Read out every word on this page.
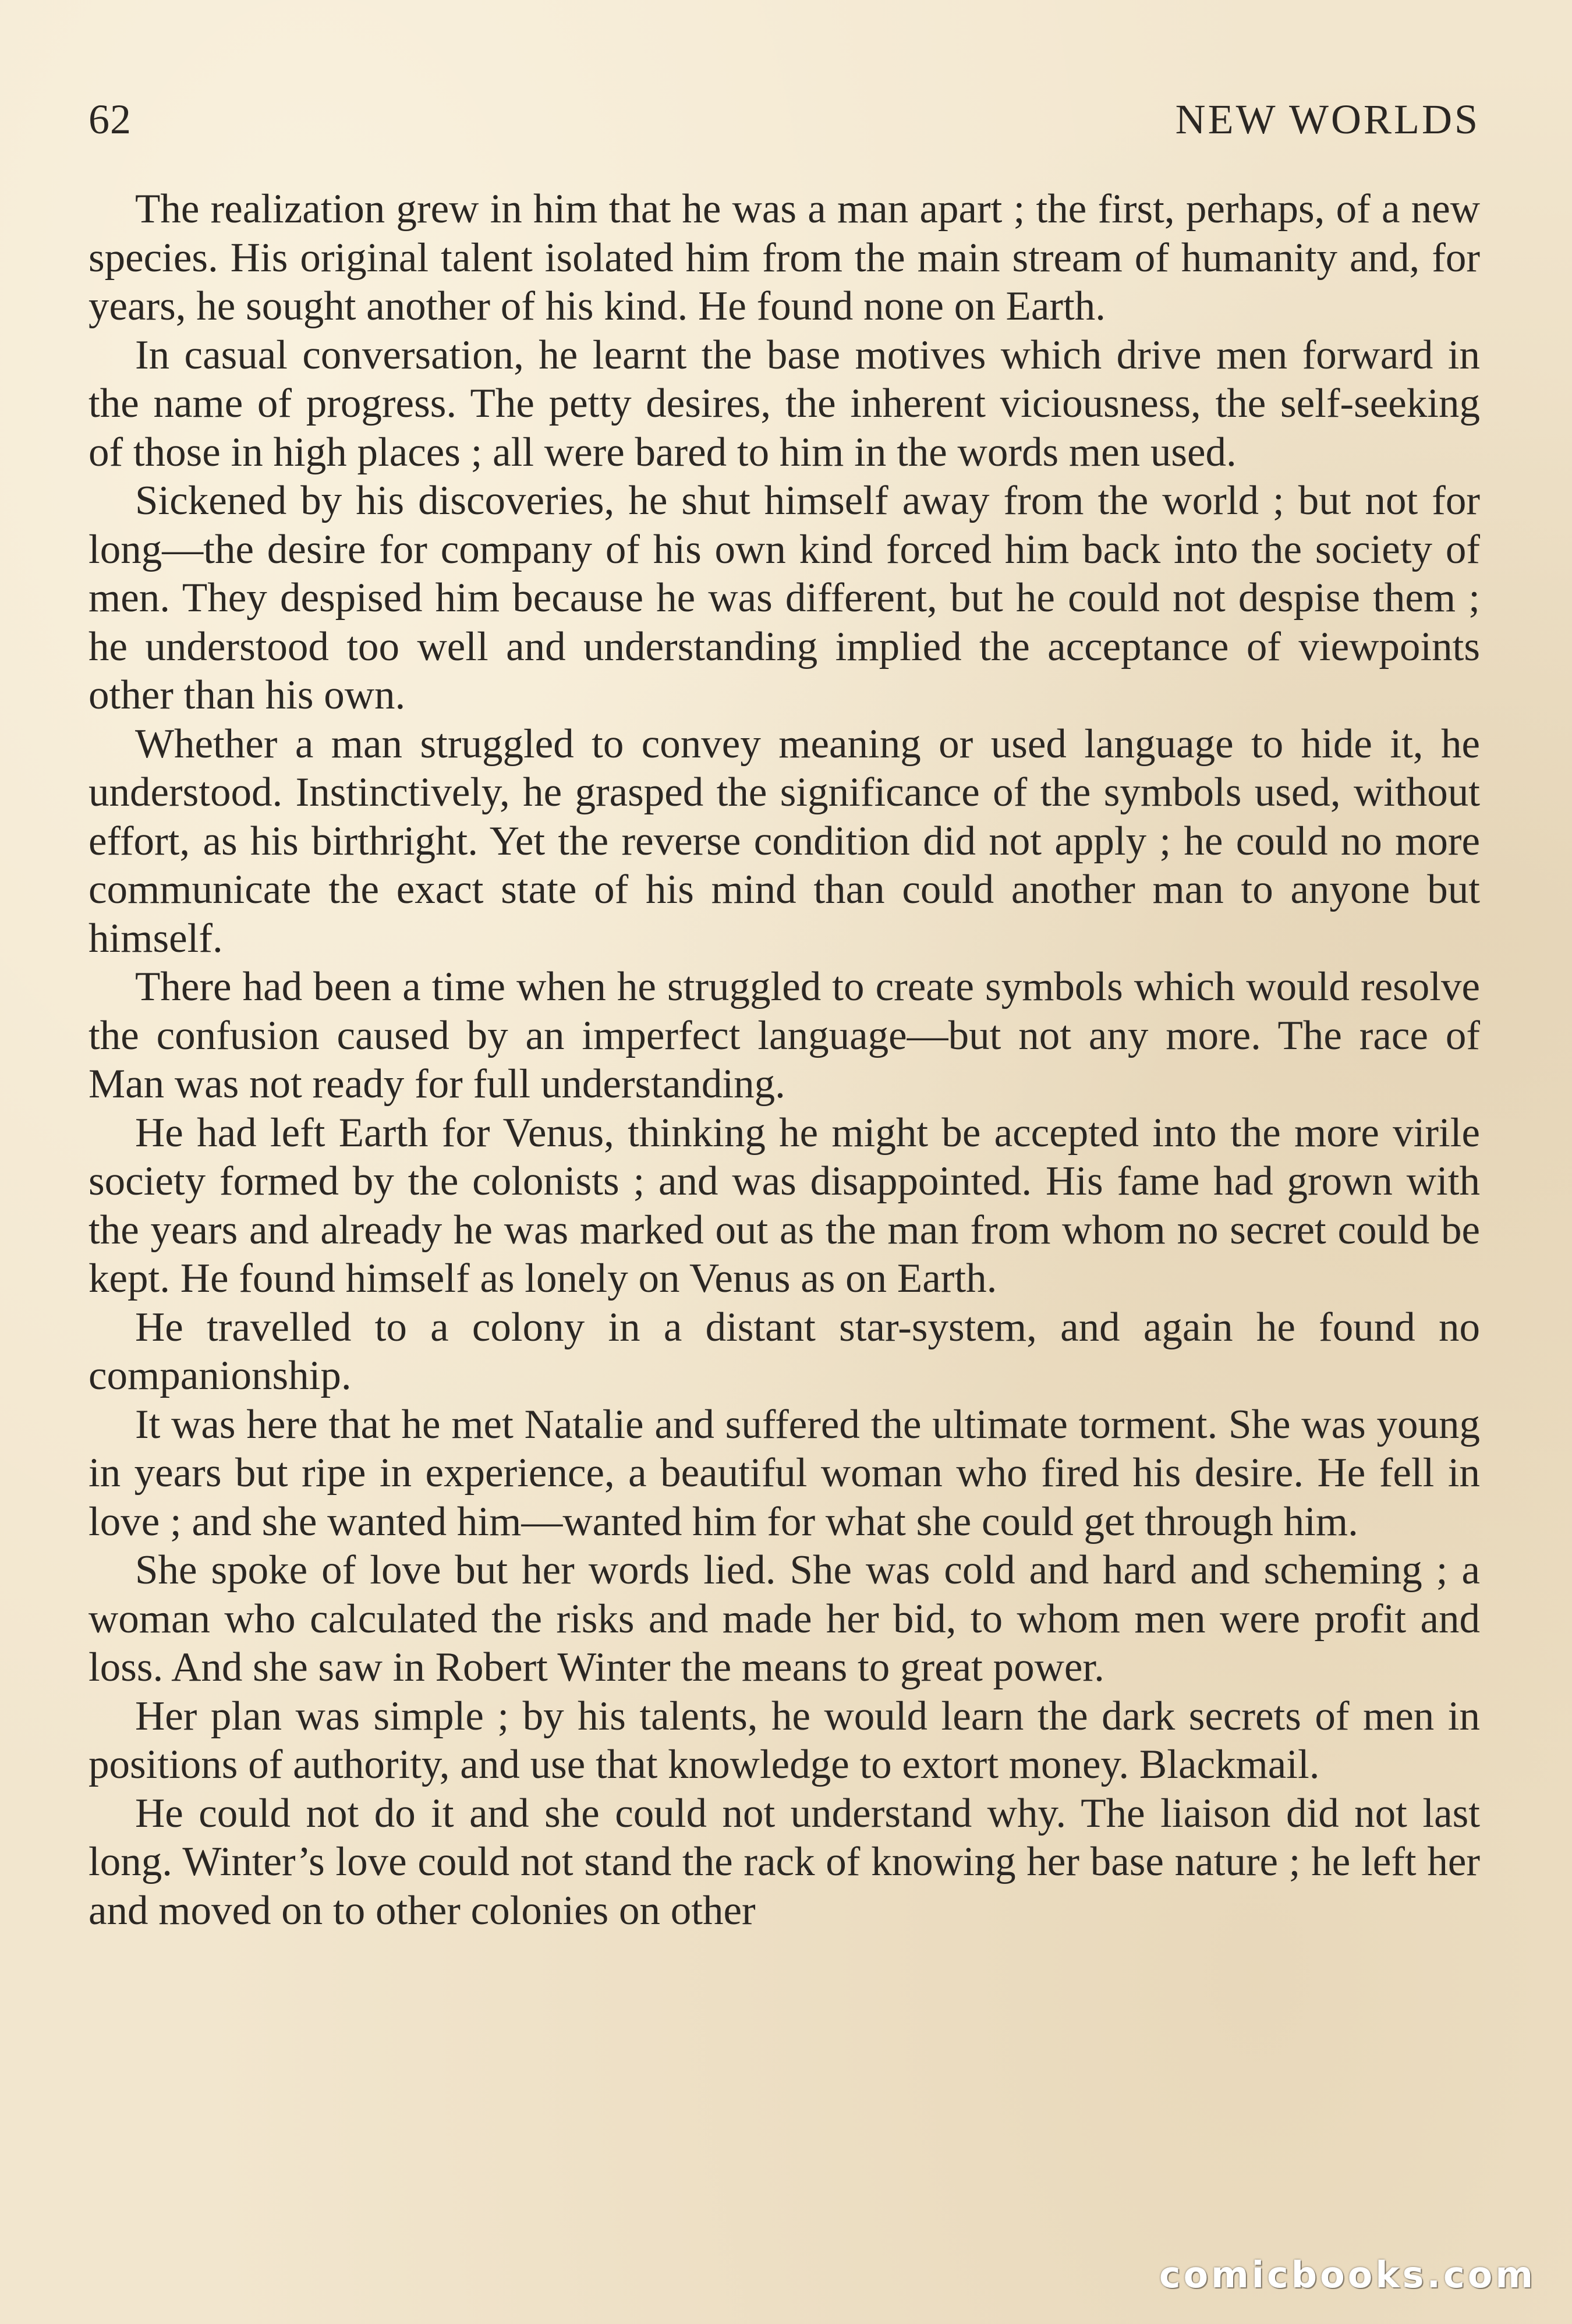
62	NEW WORLDS

The realization grew in him that he was a man apart ; the first, perhaps, of a new species. His original talent isolated him from the main stream of humanity and, for years, he sought another of his kind. He found none on Earth.

In casual conversation, he learnt the base motives which drive men forward in the name of progress. The petty desires, the inherent viciousness, the self-seeking of those in high places ; all were bared to him in the words men used.

Sickened by his discoveries, he shut himself away from the world ; but not for long—the desire for company of his own kind forced him back into the society of men. They despised him because he was different, but he could not despise them ; he understood too well and understanding implied the acceptance of viewpoints other than his own.

Whether a man struggled to convey meaning or used language to hide it, he understood. Instinctively, he grasped the significance of the symbols used, without effort, as his birthright. Yet the reverse condition did not apply ; he could no more communicate the exact state of his mind than could another man to anyone but himself.

There had been a time when he struggled to create symbols which would resolve the confusion caused by an imperfect language—but not any more. The race of Man was not ready for full understanding.

He had left Earth for Venus, thinking he might be accepted into the more virile society formed by the colonists ; and was disappointed. His fame had grown with the years and already he was marked out as the man from whom no secret could be kept. He found himself as lonely on Venus as on Earth.

He travelled to a colony in a distant star-system, and again he found no companionship.

It was here that he met Natalie and suffered the ultimate torment. She was young in years but ripe in experience, a beautiful woman who fired his desire. He fell in love ; and she wanted him—wanted him for what she could get through him.

She spoke of love but her words lied. She was cold and hard and scheming ; a woman who calculated the risks and made her bid, to whom men were profit and loss. And she saw in Robert Winter the means to great power.

Her plan was simple ; by his talents, he would learn the dark secrets of men in positions of authority, and use that knowledge to extort money. Blackmail.

He could not do it and she could not understand why. The liaison did not last long. Winter’s love could not stand the rack of knowing her base nature ; he left her and moved on to other colonies on other

comicbooks.com
